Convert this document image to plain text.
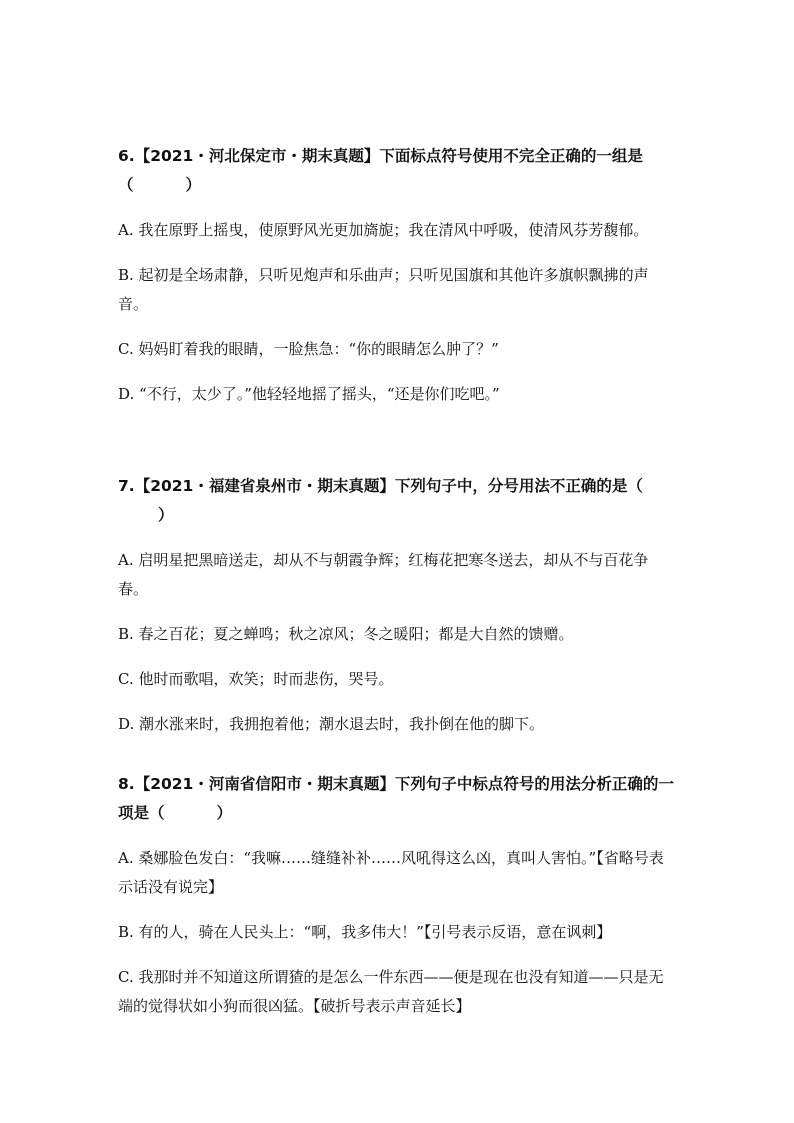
6.【2021・河北保定市・期末真题】下面标点符号使用不完全正确的一组是
（	）

A. 我在原野上摇曳，使原野风光更加旖旎；我在清风中呼吸，使清风芬芳馥郁。

B. 起初是全场肃静，只听见炮声和乐曲声；只听见国旗和其他许多旗帜飘拂的声音。

C. 妈妈盯着我的眼睛，一脸焦急：“你的眼睛怎么肿了？”

D. “不行，太少了。”他轻轻地摇了摇头，“还是你们吃吧。”

7.【2021・福建省泉州市・期末真题】下列句子中，分号用法不正确的是（）

A. 启明星把黑暗送走，却从不与朝霞争辉；红梅花把寒冬送去，却从不与百花争春。

B. 春之百花；夏之蝉鸣；秋之凉风；冬之暖阳；都是大自然的馈赠。

C. 他时而歌唱，欢笑；时而悲伤，哭号。

D. 潮水涨来时，我拥抱着他；潮水退去时，我扑倒在他的脚下。

8.【2021・河南省信阳市・期末真题】下列句子中标点符号的用法分析正确的一项是（	）

A. 桑娜脸色发白：“我嘛……缝缝补补……风吼得这么凶，真叫人害怕。”【省略号表示话没有说完】

B. 有的人，骑在人民头上：“啊，我多伟大！”【引号表示反语，意在讽刺】

C. 我那时并不知道这所谓猹的是怎么一件东西——便是现在也没有知道——只是无端的觉得状如小狗而很凶猛。【破折号表示声音延长】
